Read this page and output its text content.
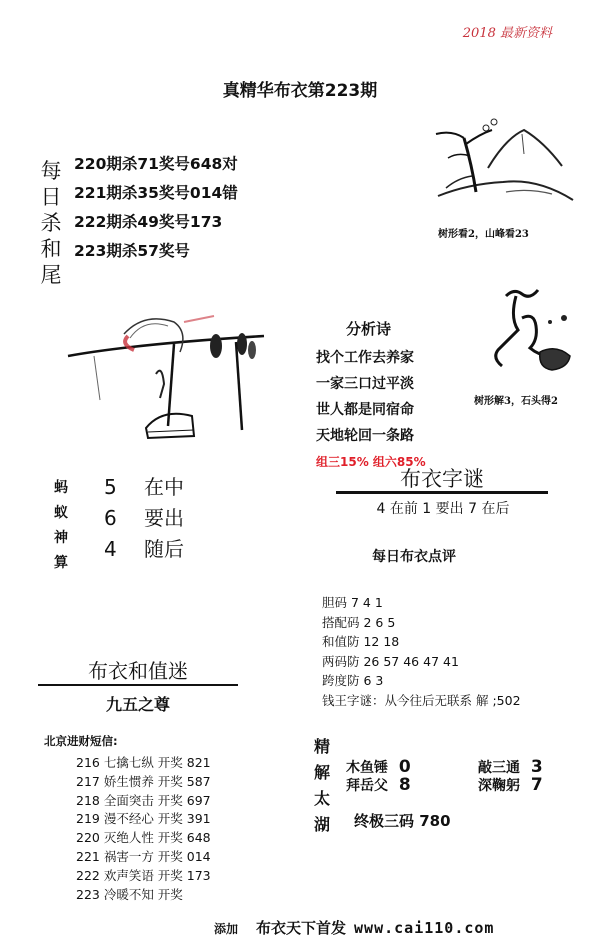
2018 最新资料
真精华布衣第223期
每日杀和尾
220期杀71奖号648对
221期杀35奖号014错
222期杀49奖号173
223期杀57奖号
树形看2，山峰看23
树形解3，石头得2
分析诗
找个工作去养家
一家三口过平淡
世人都是同宿命
天地轮回一条路
组三15% 组六85%
蚂蚁神算
5 在中
6 要出
4 随后
布衣字谜
4 在前 1 要出 7 在后
每日布衣点评
胆码 7 4 1
搭配码 2 6 5
和值防 12 18
两码防 26 57 46 47 41
跨度防 6 3
钱王字谜：从今往后无联系 解 ;502
布衣和值迷
九五之尊
北京进财短信:
216 七擒七纵 开奖 821
217 娇生惯养 开奖 587
218 全面突击 开奖 697
219 漫不经心 开奖 391
220 灭绝人性 开奖 648
221 祸害一方 开奖 014
222 欢声笑语 开奖 173
223 冷暖不知 开奖
精解太湖
木鱼锤 0	敲三通 3
拜岳父 8	深鞠躬 7
终极三码 780
添加 布衣天下首发 www.cai110.com
